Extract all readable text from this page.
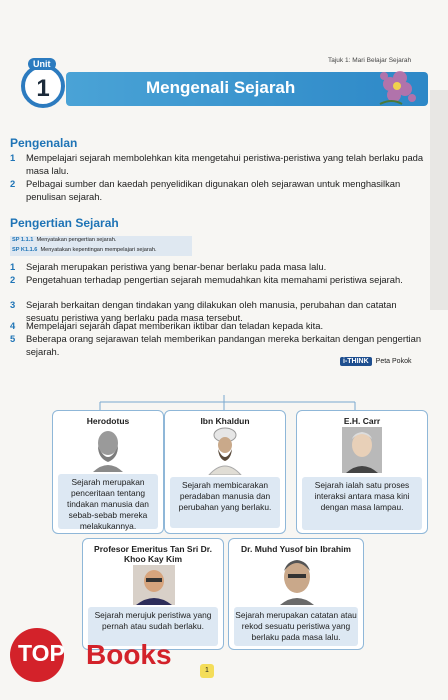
Tajuk 1: Mari Belajar Sejarah
Mengenali Sejarah
1
Unit
Pengenalan
1 Mempelajari sejarah membolehkan kita mengetahui peristiwa-peristiwa yang telah berlaku pada masa lalu.
2 Pelbagai sumber dan kaedah penyelidikan digunakan oleh sejarawan untuk menghasilkan penulisan sejarah.
Pengertian Sejarah
SP 1.1.1 Menyatakan pengertian sejarah.
SP K1.1.6 Menyatakan kepentingan mempelajari sejarah.
1 Sejarah merupakan peristiwa yang benar-benar berlaku pada masa lalu.
2 Pengetahuan terhadap pengertian sejarah memudahkan kita memahami peristiwa sejarah.
3 Sejarah berkaitan dengan tindakan yang dilakukan oleh manusia, perubahan dan catatan sesuatu peristiwa yang berlaku pada masa tersebut.
4 Mempelajari sejarah dapat memberikan iktibar dan teladan kepada kita.
5 Beberapa orang sejarawan telah memberikan pandangan mereka berkaitan dengan pengertian sejarah.
i-THINK Peta Pokok
Herodotus
Sejarah merupakan penceritaan tentang tindakan manusia dan sebab-sebab mereka melakukannya.
Ibn Khaldun
Sejarah membicarakan peradaban manusia dan perubahan yang berlaku.
E.H. Carr
Sejarah ialah satu proses interaksi antara masa kini dengan masa lampau.
Profesor Emeritus Tan Sri Dr. Khoo Kay Kim
Sejarah merujuk peristiwa yang pernah atau sudah berlaku.
Dr. Muhd Yusof bin Ibrahim
Sejarah merupakan catatan atau rekod sesuatu peristiwa yang berlaku pada masa lalu.
1
TOP Books
